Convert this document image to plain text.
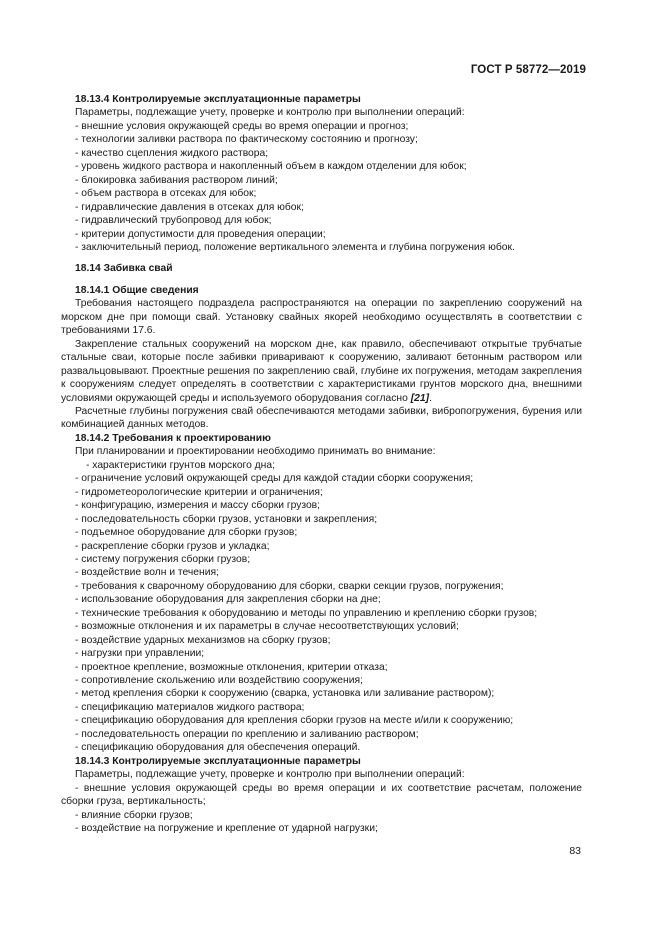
ГОСТ Р 58772—2019

18.13.4 Контролируемые эксплуатационные параметры

Параметры, подлежащие учету, проверке и контролю при выполнении операций:

- внешние условия окружающей среды во время операции и прогноз;

- технологии заливки раствора по фактическому состоянию и прогнозу;

- качество сцепления жидкого раствора;

- уровень жидкого раствора и накопленный объем в каждом отделении для юбок;

- блокировка забивания раствором линий;

- объем раствора в отсеках для юбок;

- гидравлические давления в отсеках для юбок;

- гидравлический трубопровод для юбок;

- критерии допустимости для проведения операции;

- заключительный период, положение вертикального элемента и глубина погружения юбок.

18.14 Забивка свай

18.14.1 Общие сведения

Требования настоящего подраздела распространяются на операции по закреплению сооружений на морском дне при помощи свай. Установку свайных якорей необходимо осуществлять в соответствии с требованиями 17.6.

Закрепление стальных сооружений на морском дне, как правило, обеспечивают открытые трубчатые стальные сваи, которые после забивки приваривают к сооружению, заливают бетонным раствором или развальцовывают. Проектные решения по закреплению свай, глубине их погружения, методам закрепления к сооружениям следует определять в соответствии с характеристиками грунтов морского дна, внешними условиями окружающей среды и используемого оборудования согласно [21].

Расчетные глубины погружения свай обеспечиваются методами забивки, вибропогружения, бурения или комбинацией данных методов.

18.14.2 Требования к проектированию

При планировании и проектировании необходимо принимать во внимание:

- характеристики грунтов морского дна;

- ограничение условий окружающей среды для каждой стадии сборки сооружения;

- гидрометеорологические критерии и ограничения;

- конфигурацию, измерения и массу сборки грузов;

- последовательность сборки грузов, установки и закрепления;

- подъемное оборудование для сборки грузов;

- раскрепление сборки грузов и укладка;

- систему погружения сборки грузов;

- воздействие волн и течения;

- требования к сварочному оборудованию для сборки, сварки секции грузов, погружения;

- использование оборудования для закрепления сборки на дне;

- технические требования к оборудованию и методы по управлению и креплению сборки грузов;

- возможные отклонения и их параметры в случае несоответствующих условий;

- воздействие ударных механизмов на сборку грузов;

- нагрузки при управлении;

- проектное крепление, возможные отклонения, критерии отказа;

- сопротивление скольжению или воздействию сооружения;

- метод крепления сборки к сооружению (сварка, установка или заливание раствором);

- спецификацию материалов жидкого раствора;

- спецификацию оборудования для крепления сборки грузов на месте и/или к сооружению;

- последовательность операции по креплению и заливанию раствором;

- спецификацию оборудования для обеспечения операций.

18.14.3 Контролируемые эксплуатационные параметры

Параметры, подлежащие учету, проверке и контролю при выполнении операций:

- внешние условия окружающей среды во время операции и их соответствие расчетам, положение сборки груза, вертикальность;

- влияние сборки грузов;

- воздействие на погружение и крепление от ударной нагрузки;

83
